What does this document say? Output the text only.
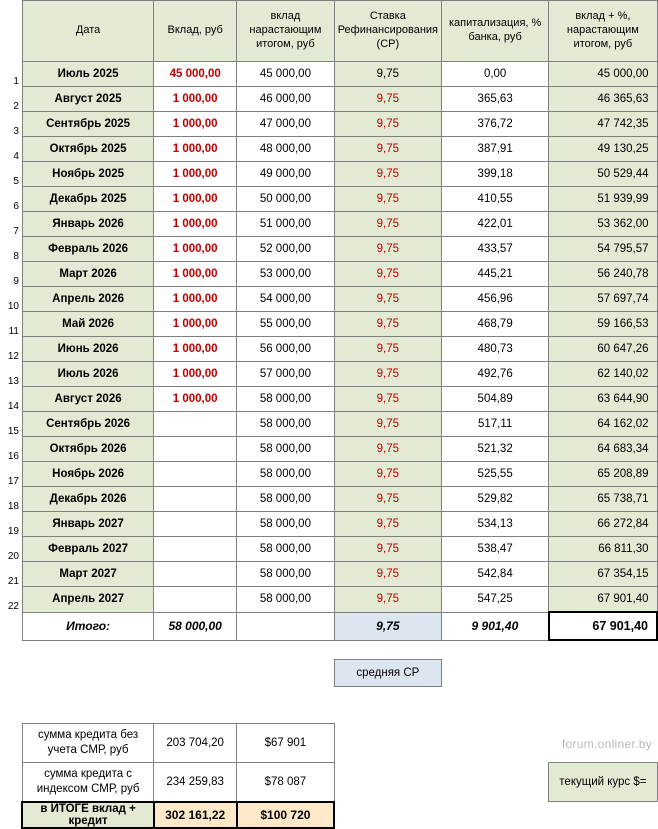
	Дата	Вклад, руб	вклад нарастающим итогом, руб	Ставка Рефинансирования (СР)	капитализация, % банка, руб	вклад + %, нарастающим итогом, руб
1	Июль 2025	45 000,00	45 000,00	9,75	0,00	45 000,00
2	Август 2025	1 000,00	46 000,00	9,75	365,63	46 365,63
3	Сентябрь 2025	1 000,00	47 000,00	9,75	376,72	47 742,35
4	Октябрь 2025	1 000,00	48 000,00	9,75	387,91	49 130,25
5	Ноябрь 2025	1 000,00	49 000,00	9,75	399,18	50 529,44
6	Декабрь 2025	1 000,00	50 000,00	9,75	410,55	51 939,99
7	Январь 2026	1 000,00	51 000,00	9,75	422,01	53 362,00
8	Февраль 2026	1 000,00	52 000,00	9,75	433,57	54 795,57
9	Март 2026	1 000,00	53 000,00	9,75	445,21	56 240,78
10	Апрель 2026	1 000,00	54 000,00	9,75	456,96	57 697,74
11	Май 2026	1 000,00	55 000,00	9,75	468,79	59 166,53
12	Июнь 2026	1 000,00	56 000,00	9,75	480,73	60 647,26
13	Июль 2026	1 000,00	57 000,00	9,75	492,76	62 140,02
14	Август 2026	1 000,00	58 000,00	9,75	504,89	63 644,90
15	Сентябрь 2026		58 000,00	9,75	517,11	64 162,02
16	Октябрь 2026		58 000,00	9,75	521,32	64 683,34
17	Ноябрь 2026		58 000,00	9,75	525,55	65 208,89
18	Декабрь 2026		58 000,00	9,75	529,82	65 738,71
19	Январь 2027		58 000,00	9,75	534,13	66 272,84
20	Февраль 2027		58 000,00	9,75	538,47	66 811,30
21	Март 2027		58 000,00	9,75	542,84	67 354,15
22	Апрель 2027		58 000,00	9,75	547,25	67 901,40
	Итого:	58 000,00		9,75	9 901,40	67 901,40

				средняя СР		

	сумма кредита без учета СМР, руб	203 704,20	$67 901			
	сумма кредита с индексом СМР, руб	234 259,83	$78 087			текущий курс $=
	в ИТОГЕ вклад + кредит	302 161,22	$100 720			
forum.onliner.by
